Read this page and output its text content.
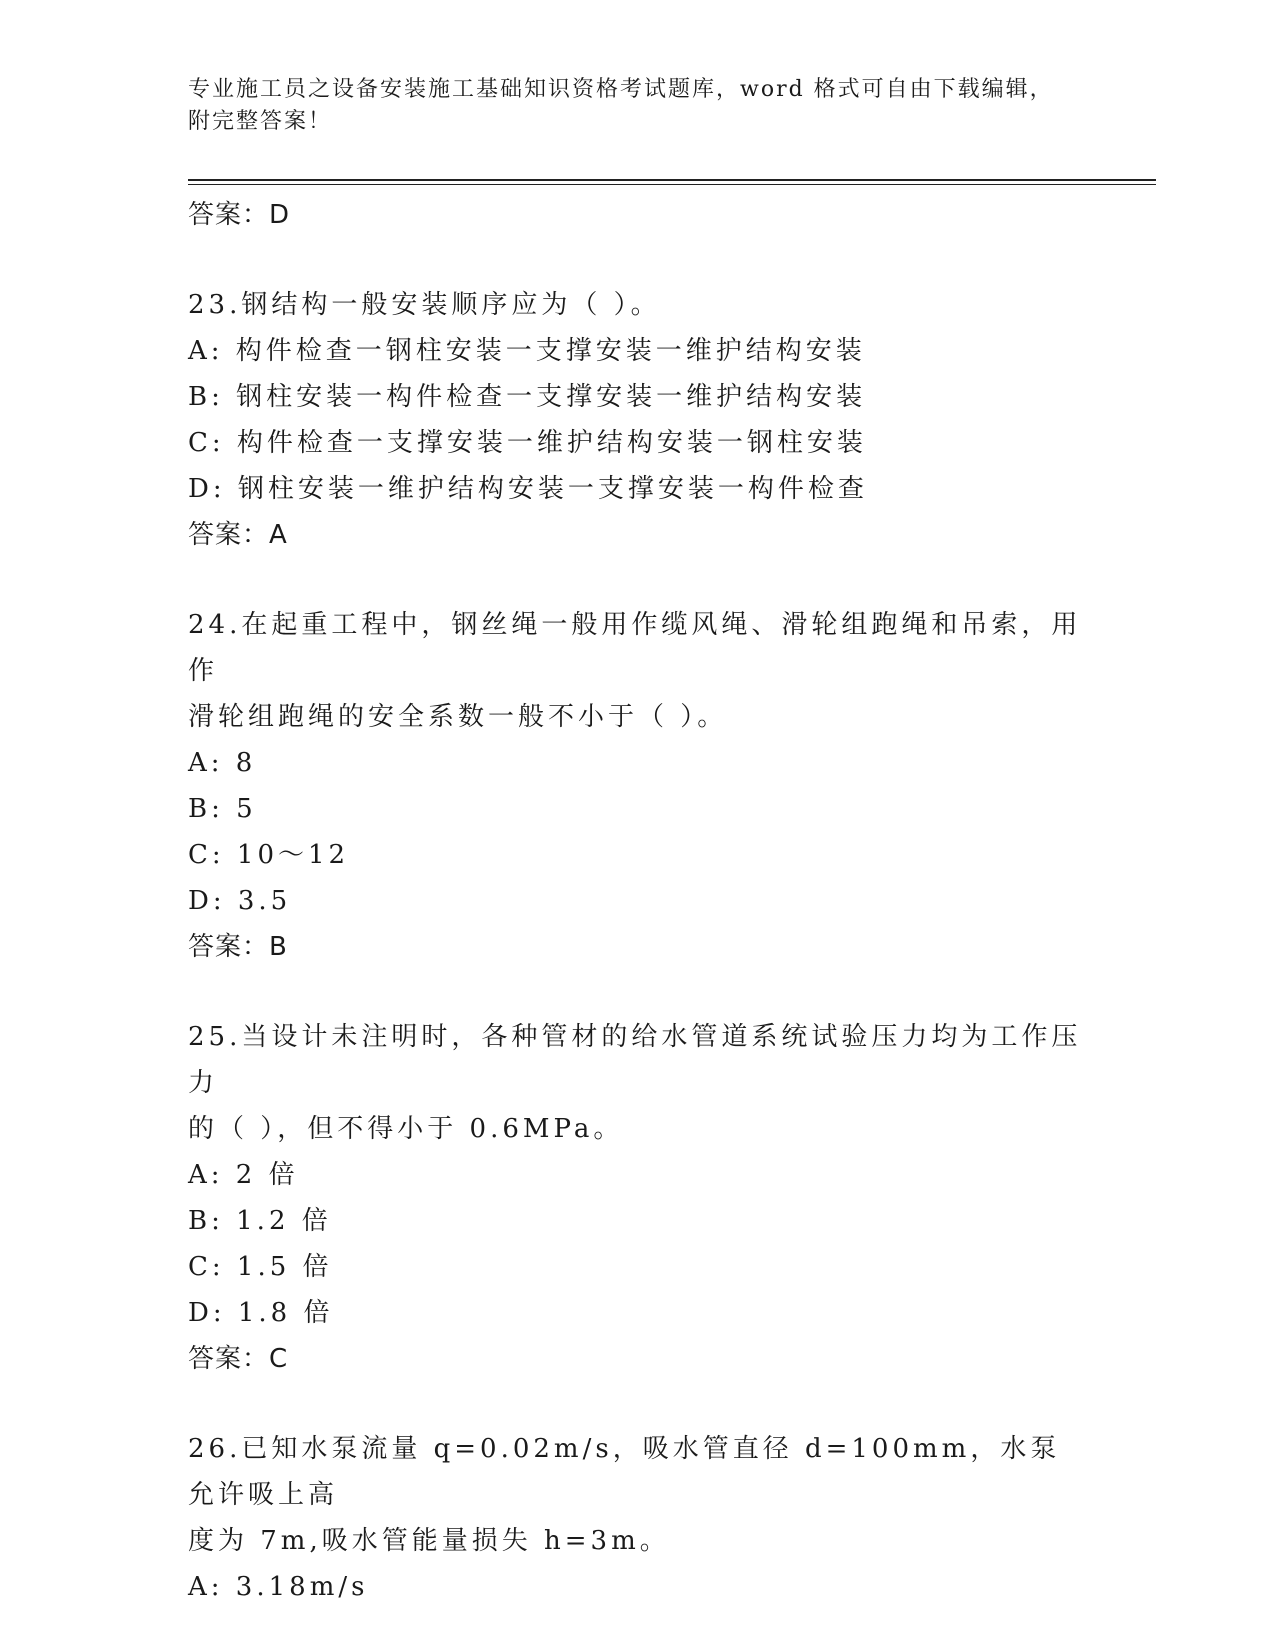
专业施工员之设备安装施工基础知识资格考试题库，word 格式可自由下载编辑，
附完整答案！
答案：D
23.钢结构一般安装顺序应为（ ）。
A: 构件检查一钢柱安装一支撑安装一维护结构安装
B: 钢柱安装一构件检查一支撑安装一维护结构安装
C: 构件检查一支撑安装一维护结构安装一钢柱安装
D: 钢柱安装一维护结构安装一支撑安装一构件检查
答案：A
24.在起重工程中，钢丝绳一般用作缆风绳、滑轮组跑绳和吊索，用作
滑轮组跑绳的安全系数一般不小于（ ）。
A: 8
B: 5
C: 10～12
D: 3.5
答案：B
25.当设计未注明时，各种管材的给水管道系统试验压力均为工作压力
的（ ），但不得小于 0.6MPa。
A: 2 倍
B: 1.2 倍
C: 1.5 倍
D: 1.8 倍
答案：C
26.已知水泵流量 q=0.02m/s，吸水管直径 d=100mm，水泵允许吸上高
度为 7m,吸水管能量损失 h=3m。
A: 3.18m/s
